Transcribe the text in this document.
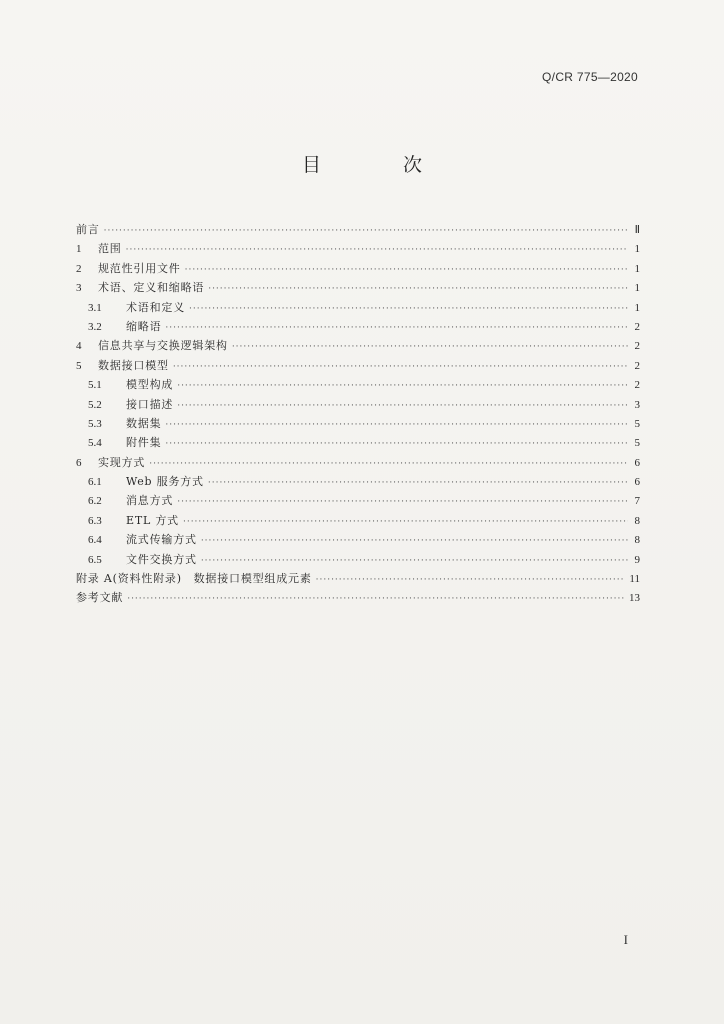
Q/CR 775—2020
目 次
前言 ·····	Ⅱ
1	范围 ·····	1
2	规范性引用文件 ·····	1
3	术语、定义和缩略语 ·····	1
3.1	术语和定义 ·····	1
3.2	缩略语 ·····	2
4	信息共享与交换逻辑架构 ·····	2
5	数据接口模型 ·····	2
5.1	模型构成 ·····	2
5.2	接口描述 ·····	3
5.3	数据集 ·····	5
5.4	附件集 ·····	5
6	实现方式 ·····	6
6.1	Web 服务方式 ·····	6
6.2	消息方式 ·····	7
6.3	ETL 方式 ·····	8
6.4	流式传输方式 ·····	8
6.5	文件交换方式 ·····	9
附录 A(资料性附录)　数据接口模型组成元素 ·····	11
参考文献 ·····	13
I
